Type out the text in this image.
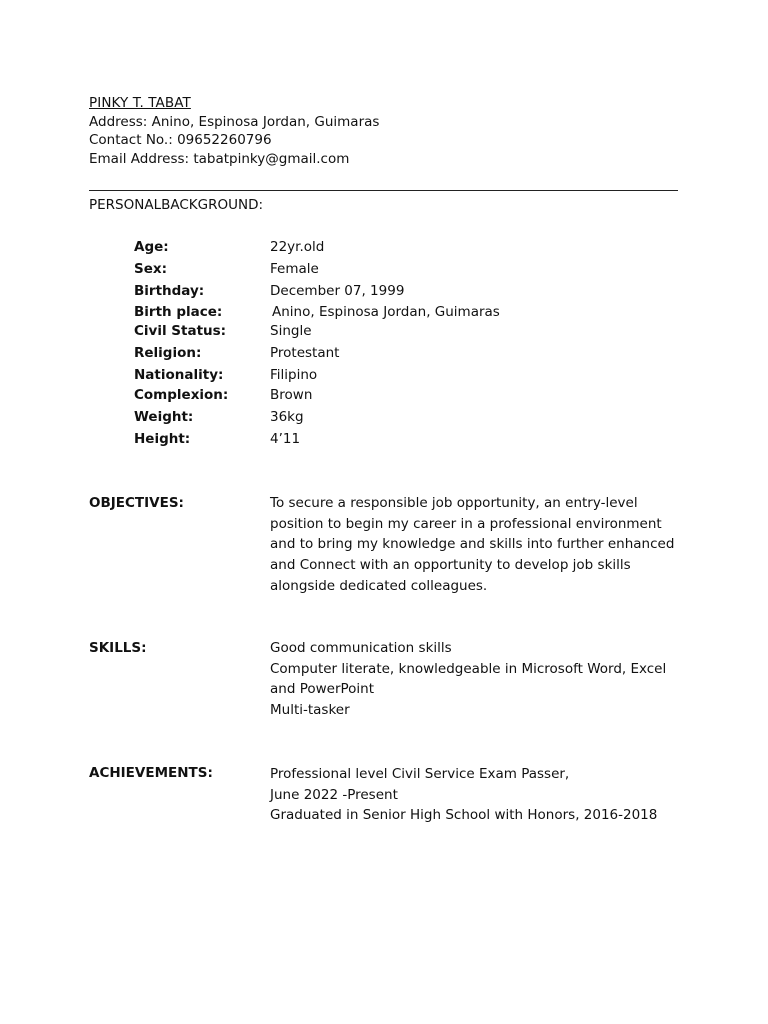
PINKY T. TABAT
Address: Anino, Espinosa Jordan, Guimaras
Contact No.: 09652260796
Email Address: tabatpinky@gmail.com
PERSONALBACKGROUND:
Age:	22yr.old
Sex:	Female
Birthday:	December 07, 1999
Birth place:	Anino, Espinosa Jordan, Guimaras
Civil Status:	Single
Religion:	Protestant
Nationality:	Filipino
Complexion:	Brown
Weight:	36kg
Height:	4’11
OBJECTIVES:	To secure a responsible job opportunity, an entry-level
position to begin my career in a professional environment
and to bring my knowledge and skills into further enhanced
and Connect with an opportunity to develop job skills
alongside dedicated colleagues.
SKILLS:	Good communication skills
Computer literate, knowledgeable in Microsoft Word, Excel
and PowerPoint
Multi-tasker
ACHIEVEMENTS:	Professional level Civil Service Exam Passer,
June 2022 -Present
Graduated in Senior High School with Honors, 2016-2018
